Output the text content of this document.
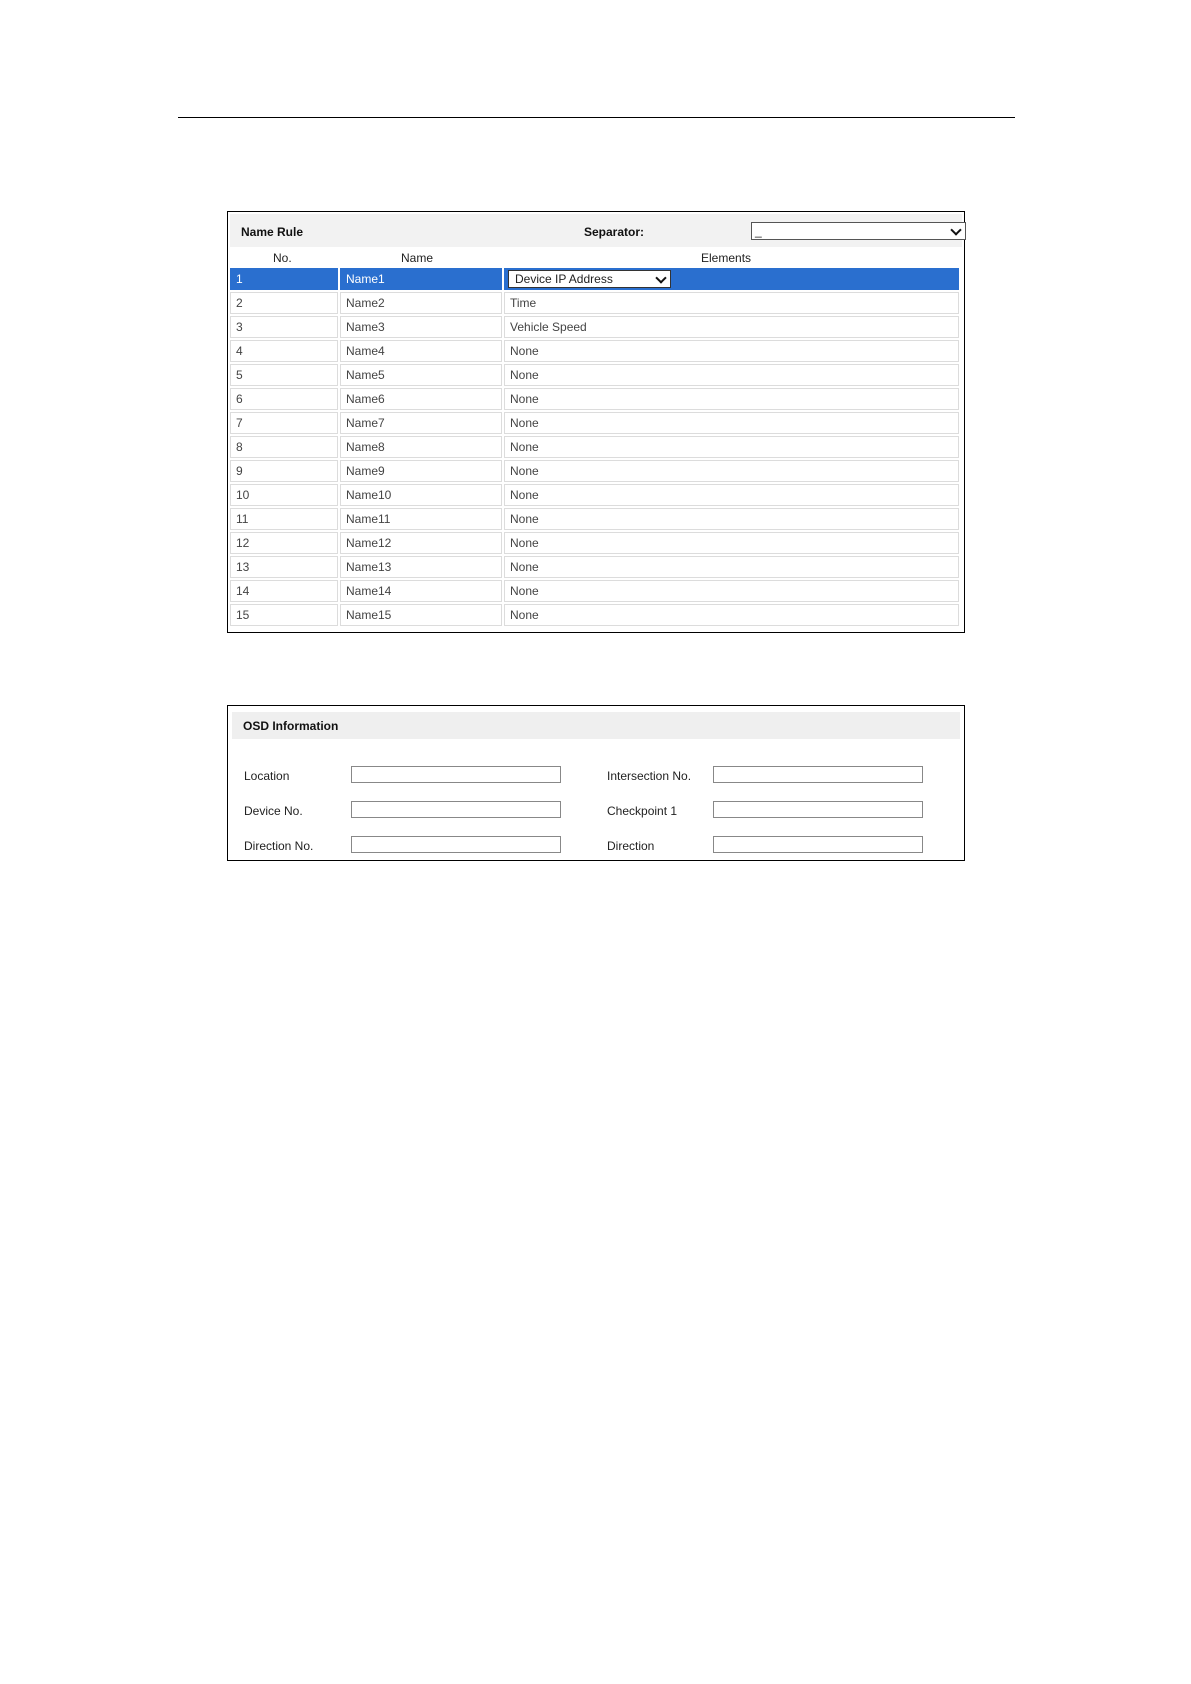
Name Rule	Separator:	_
No.	Name	Elements
1	Name1	Device IP Address
2	Name2	Time
3	Name3	Vehicle Speed
4	Name4	None
5	Name5	None
6	Name6	None
7	Name7	None
8	Name8	None
9	Name9	None
10	Name10	None
11	Name11	None
12	Name12	None
13	Name13	None
14	Name14	None
15	Name15	None
OSD Information
Location	Intersection No.
Device No.	Checkpoint 1
Direction No.	Direction
